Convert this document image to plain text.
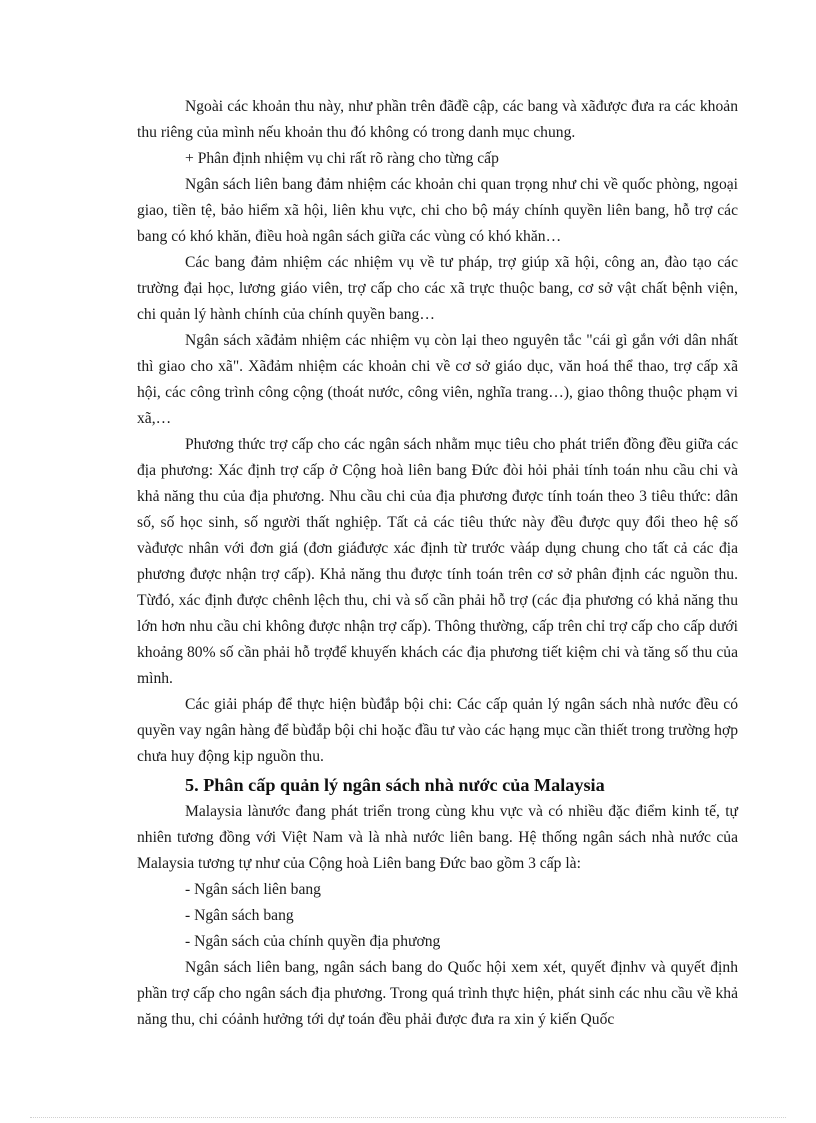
Ngoài các khoản thu này, như phần trên đãđề cập, các bang và xãđược đưa ra các khoản thu riêng của mình nếu khoản thu đó không có trong danh mục chung.

+ Phân định nhiệm vụ chi rất rõ ràng cho từng cấp

Ngân sách liên bang đảm nhiệm các khoản chi quan trọng như chi về quốc phòng, ngoại giao, tiền tệ, bảo hiểm xã hội, liên khu vực, chi cho bộ máy chính quyền liên bang, hỗ trợ các bang có khó khăn, điều hoà ngân sách giữa các vùng có khó khăn…

Các bang đảm nhiệm các nhiệm vụ về tư pháp, trợ giúp xã hội, công an, đào tạo các trường đại học, lương giáo viên, trợ cấp cho các xã trực thuộc bang, cơ sở vật chất bệnh viện, chi quản lý hành chính của chính quyền bang…

Ngân sách xãđảm nhiệm các nhiệm vụ còn lại theo nguyên tắc "cái gì gắn với dân nhất thì giao cho xã". Xãđảm nhiệm các khoản chi về cơ sở giáo dục, văn hoá thể thao, trợ cấp xã hội, các công trình công cộng (thoát nước, công viên, nghĩa trang…), giao thông thuộc phạm vi xã,…

Phương thức trợ cấp cho các ngân sách nhằm mục tiêu cho phát triển đồng đều giữa các địa phương: Xác định trợ cấp ở Cộng hoà liên bang Đức đòi hỏi phải tính toán nhu cầu chi và khả năng thu của địa phương. Nhu cầu chi của địa phương được tính toán theo 3 tiêu thức: dân số, số học sinh, số người thất nghiệp. Tất cả các tiêu thức này đều được quy đổi theo hệ số vàđược nhân với đơn giá (đơn giáđược xác định từ trước vàáp dụng chung cho tất cả các địa phương được nhận trợ cấp). Khả năng thu được tính toán trên cơ sở phân định các nguồn thu. Từđó, xác định được chênh lệch thu, chi và số cần phải hỗ trợ (các địa phương có khả năng thu lớn hơn nhu cầu chi không được nhận trợ cấp). Thông thường, cấp trên chỉ trợ cấp cho cấp dưới khoảng 80% số cần phải hỗ trợđể khuyến khách các địa phương tiết kiệm chi và tăng số thu của mình.

Các giải pháp để thực hiện bùđắp bội chi: Các cấp quản lý ngân sách nhà nước đều có quyền vay ngân hàng để bùđắp bội chi hoặc đầu tư vào các hạng mục cần thiết trong trường hợp chưa huy động kịp nguồn thu.

5. Phân cấp quản lý ngân sách nhà nước của Malaysia

Malaysia lànước đang phát triển trong cùng khu vực và có nhiều đặc điểm kinh tế, tự nhiên tương đồng với Việt Nam và là nhà nước liên bang. Hệ thống ngân sách nhà nước của Malaysia tương tự như của Cộng hoà Liên bang Đức bao gồm 3 cấp là:

- Ngân sách liên bang

- Ngân sách bang

- Ngân sách của chính quyền địa phương

Ngân sách liên bang, ngân sách bang do Quốc hội xem xét, quyết địnhv và quyết định phần trợ cấp cho ngân sách địa phương. Trong quá trình thực hiện, phát sinh các nhu cầu về khả năng thu, chi cóảnh hưởng tới dự toán đều phải được đưa ra xin ý kiến Quốc
